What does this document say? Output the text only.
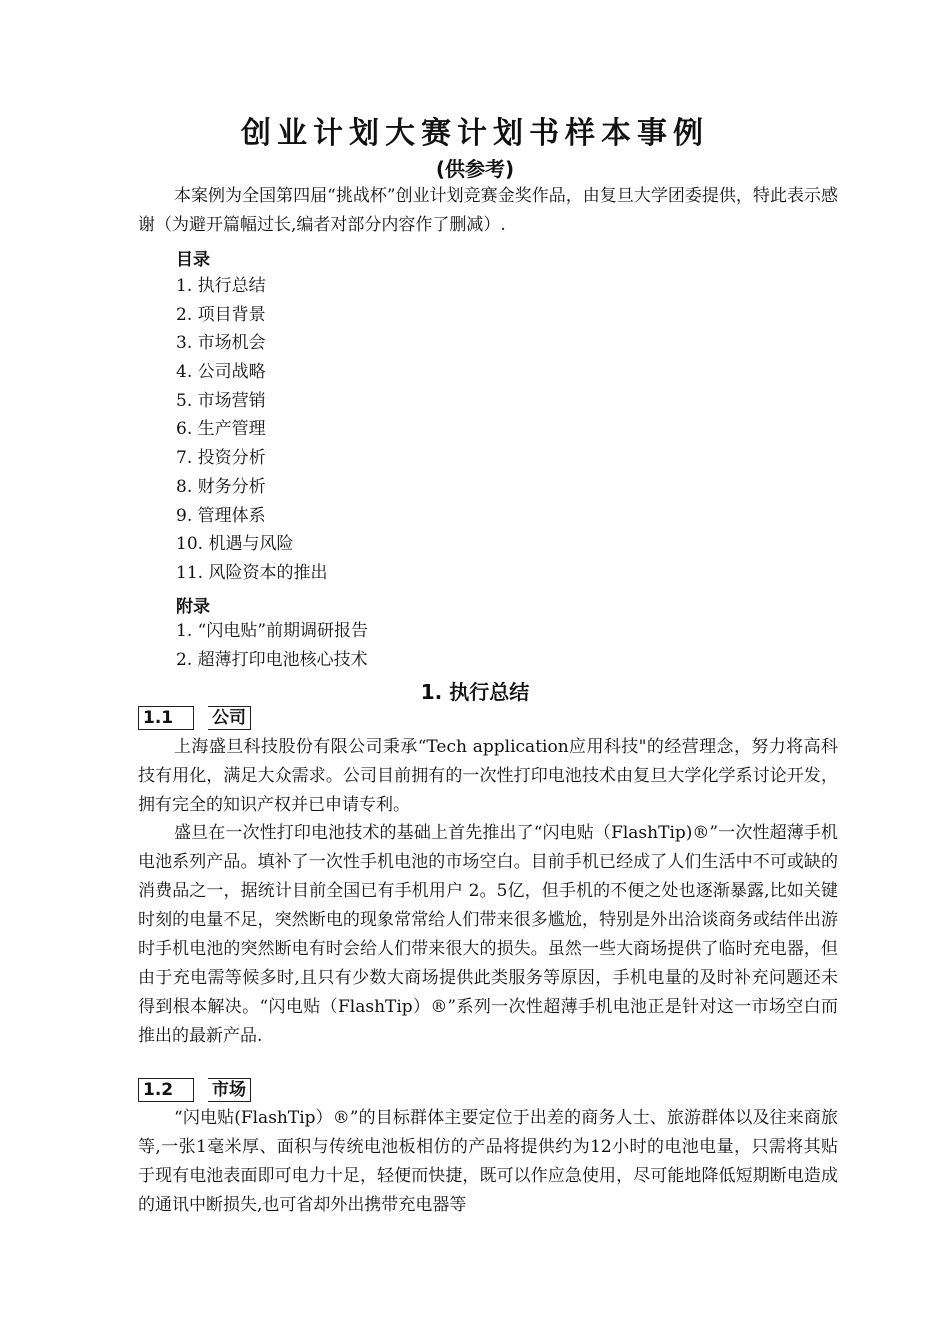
创业计划大赛计划书样本事例
(供参考)

本案例为全国第四届“挑战杯”创业计划竞赛金奖作品，由复旦大学团委提供，特此表示感谢（为避开篇幅过长,编者对部分内容作了删减）.

目录
1. 执行总结
2. 项目背景
3. 市场机会
4. 公司战略
5. 市场营销
6. 生产管理
7. 投资分析
8. 财务分析
9. 管理体系
10. 机遇与风险
11. 风险资本的推出
附录
1. “闪电贴”前期调研报告
2. 超薄打印电池核心技术
1. 执行总结
1.1	公司

上海盛旦科技股份有限公司秉承“Tech application应用科技"的经营理念，努力将高科技有用化，满足大众需求。公司目前拥有的一次性打印电池技术由复旦大学化学系讨论开发，拥有完全的知识产权并已申请专利。

盛旦在一次性打印电池技术的基础上首先推出了“闪电贴（FlashTip)®”一次性超薄手机电池系列产品。填补了一次性手机电池的市场空白。目前手机已经成了人们生活中不可或缺的消费品之一，据统计目前全国已有手机用户 2。5亿，但手机的不便之处也逐渐暴露,比如关键时刻的电量不足，突然断电的现象常常给人们带来很多尴尬，特别是外出洽谈商务或结伴出游时手机电池的突然断电有时会给人们带来很大的损失。虽然一些大商场提供了临时充电器，但由于充电需等候多时,且只有少数大商场提供此类服务等原因，手机电量的及时补充问题还未得到根本解决。“闪电贴（FlashTip）®”系列一次性超薄手机电池正是针对这一市场空白而推出的最新产品.

1.2	市场

“闪电贴(FlashTip）®”的目标群体主要定位于出差的商务人士、旅游群体以及往来商旅等,一张1毫米厚、面积与传统电池板相仿的产品将提供约为12小时的电池电量，只需将其贴于现有电池表面即可电力十足，轻便而快捷，既可以作应急使用，尽可能地降低短期断电造成的通讯中断损失,也可省却外出携带充电器等
